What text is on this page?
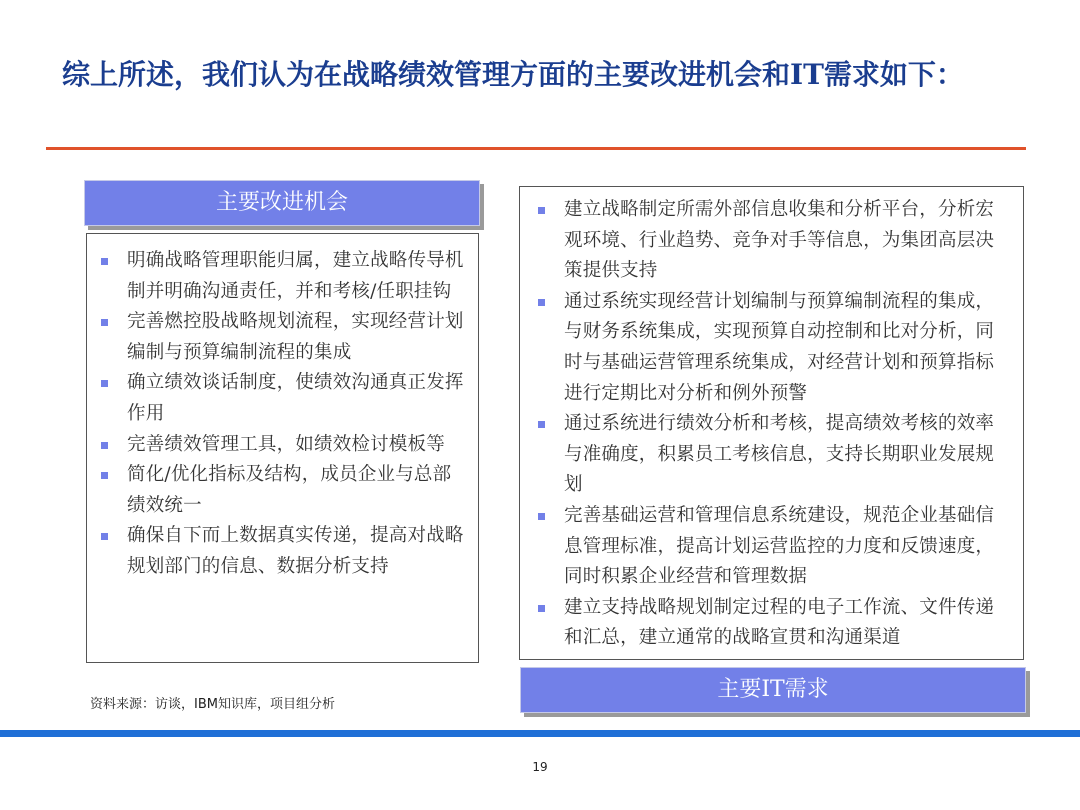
综上所述，我们认为在战略绩效管理方面的主要改进机会和IT需求如下：
主要改进机会
明确战略管理职能归属，建立战略传导机制并明确沟通责任，并和考核/任职挂钩
完善燃控股战略规划流程，实现经营计划编制与预算编制流程的集成
确立绩效谈话制度，使绩效沟通真正发挥作用
完善绩效管理工具，如绩效检讨模板等
简化/优化指标及结构，成员企业与总部绩效统一
确保自下而上数据真实传递，提高对战略规划部门的信息、数据分析支持
建立战略制定所需外部信息收集和分析平台，分析宏观环境、行业趋势、竞争对手等信息，为集团高层决策提供支持
通过系统实现经营计划编制与预算编制流程的集成，与财务系统集成，实现预算自动控制和比对分析，同时与基础运营管理系统集成，对经营计划和预算指标进行定期比对分析和例外预警
通过系统进行绩效分析和考核，提高绩效考核的效率与准确度，积累员工考核信息，支持长期职业发展规划
完善基础运营和管理信息系统建设，规范企业基础信息管理标准，提高计划运营监控的力度和反馈速度，同时积累企业经营和管理数据
建立支持战略规划制定过程的电子工作流、文件传递和汇总，建立通常的战略宣贯和沟通渠道
主要IT需求
资料来源：访谈，IBM知识库，项目组分析
19
